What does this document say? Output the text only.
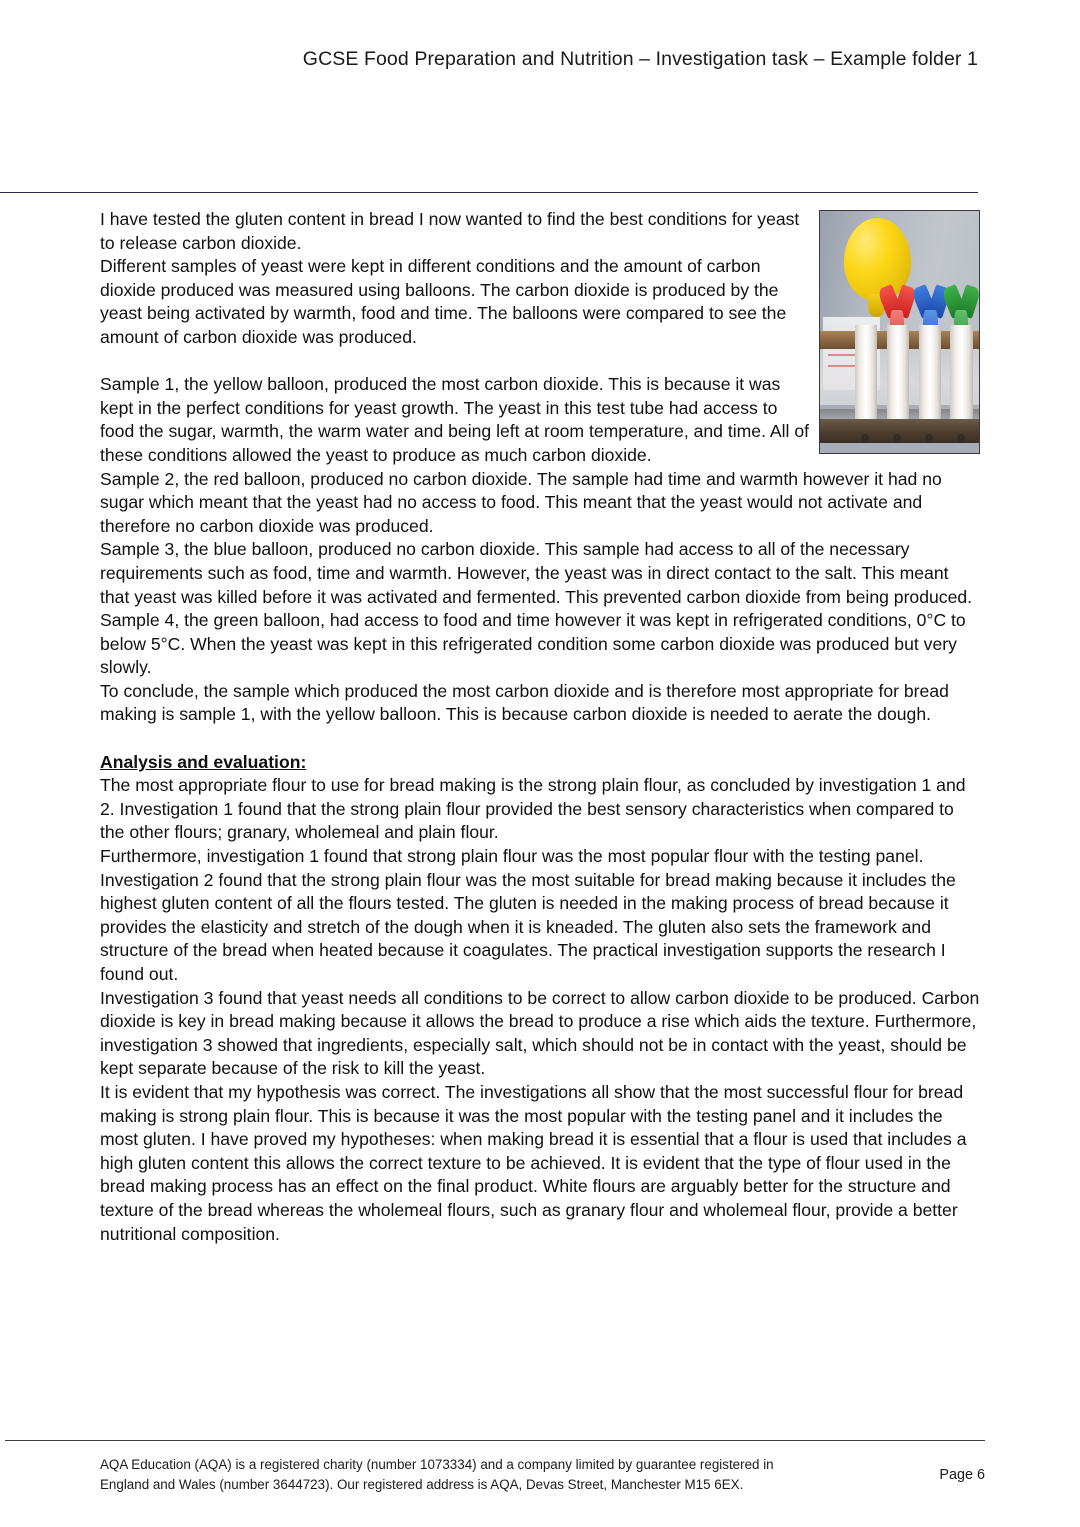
GCSE Food Preparation and Nutrition – Investigation task – Example folder 1

I have tested the gluten content in bread I now wanted to find the best conditions for yeast to release carbon dioxide.

Different samples of yeast were kept in different conditions and the amount of carbon dioxide produced was measured using balloons. The carbon dioxide is produced by the yeast being activated by warmth, food and time. The balloons were compared to see the amount of carbon dioxide was produced.

Sample 1, the yellow balloon, produced the most carbon dioxide. This is because it was kept in the perfect conditions for yeast growth. The yeast in this test tube had access to food the sugar, warmth, the warm water and being left at room temperature, and time. All of these conditions allowed the yeast to produce as much carbon dioxide.

Sample 2, the red balloon, produced no carbon dioxide. The sample had time and warmth however it had no sugar which meant that the yeast had no access to food. This meant that the yeast would not activate and therefore no carbon dioxide was produced.

Sample 3, the blue balloon, produced no carbon dioxide. This sample had access to all of the necessary requirements such as food, time and warmth. However, the yeast was in direct contact to the salt. This meant that yeast was killed before it was activated and fermented. This prevented carbon dioxide from being produced.

Sample 4, the green balloon, had access to food and time however it was kept in refrigerated conditions, 0°C to below 5°C. When the yeast was kept in this refrigerated condition some carbon dioxide was produced but very slowly.

To conclude, the sample which produced the most carbon dioxide and is therefore most appropriate for bread making is sample 1, with the yellow balloon. This is because carbon dioxide is needed to aerate the dough.

Analysis and evaluation:

The most appropriate flour to use for bread making is the strong plain flour, as concluded by investigation 1 and 2. Investigation 1 found that the strong plain flour provided the best sensory characteristics when compared to the other flours; granary, wholemeal and plain flour.

Furthermore, investigation 1 found that strong plain flour was the most popular flour with the testing panel. Investigation 2 found that the strong plain flour was the most suitable for bread making because it includes the highest gluten content of all the flours tested. The gluten is needed in the making process of bread because it provides the elasticity and stretch of the dough when it is kneaded. The gluten also sets the framework and structure of the bread when heated because it coagulates. The practical investigation supports the research I found out.

Investigation 3 found that yeast needs all conditions to be correct to allow carbon dioxide to be produced. Carbon dioxide is key in bread making because it allows the bread to produce a rise which aids the texture. Furthermore, investigation 3 showed that ingredients, especially salt, which should not be in contact with the yeast, should be kept separate because of the risk to kill the yeast.

It is evident that my hypothesis was correct. The investigations all show that the most successful flour for bread making is strong plain flour. This is because it was the most popular with the testing panel and it includes the most gluten. I have proved my hypotheses: when making bread it is essential that a flour is used that includes a high gluten content this allows the correct texture to be achieved. It is evident that the type of flour used in the bread making process has an effect on the final product. White flours are arguably better for the structure and texture of the bread whereas the wholemeal flours, such as granary flour and wholemeal flour, provide a better nutritional composition.

AQA Education (AQA) is a registered charity (number 1073334) and a company limited by guarantee registered in
England and Wales (number 3644723). Our registered address is AQA, Devas Street, Manchester M15 6EX.
Page 6
